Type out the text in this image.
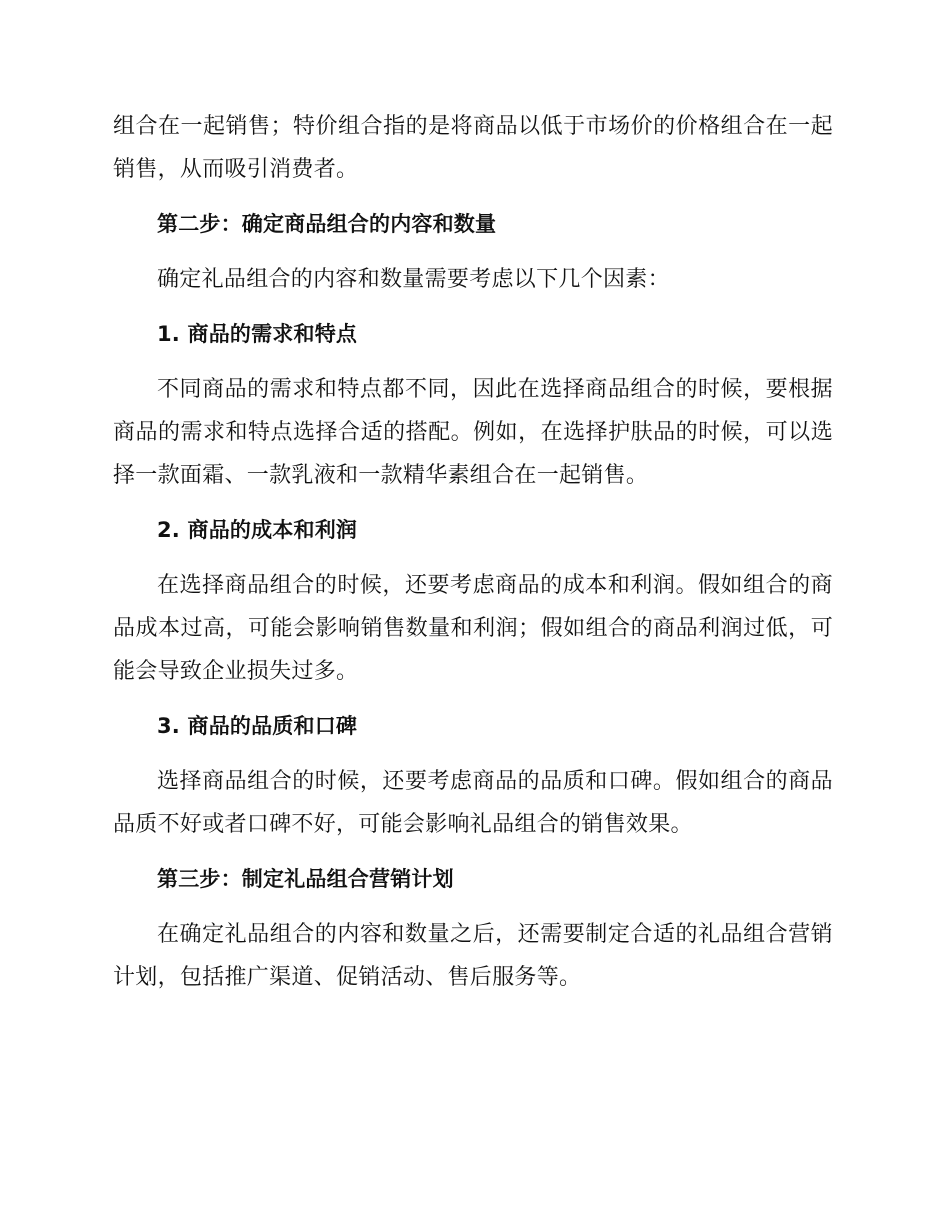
组合在一起销售；特价组合指的是将商品以低于市场价的价格组合在一起销售，从而吸引消费者。

第二步：确定商品组合的内容和数量

确定礼品组合的内容和数量需要考虑以下几个因素：

1. 商品的需求和特点

不同商品的需求和特点都不同，因此在选择商品组合的时候，要根据商品的需求和特点选择合适的搭配。例如，在选择护肤品的时候，可以选择一款面霜、一款乳液和一款精华素组合在一起销售。

2. 商品的成本和利润

在选择商品组合的时候，还要考虑商品的成本和利润。假如组合的商品成本过高，可能会影响销售数量和利润；假如组合的商品利润过低，可能会导致企业损失过多。

3. 商品的品质和口碑

选择商品组合的时候，还要考虑商品的品质和口碑。假如组合的商品品质不好或者口碑不好，可能会影响礼品组合的销售效果。

第三步：制定礼品组合营销计划

在确定礼品组合的内容和数量之后，还需要制定合适的礼品组合营销计划，包括推广渠道、促销活动、售后服务等。
